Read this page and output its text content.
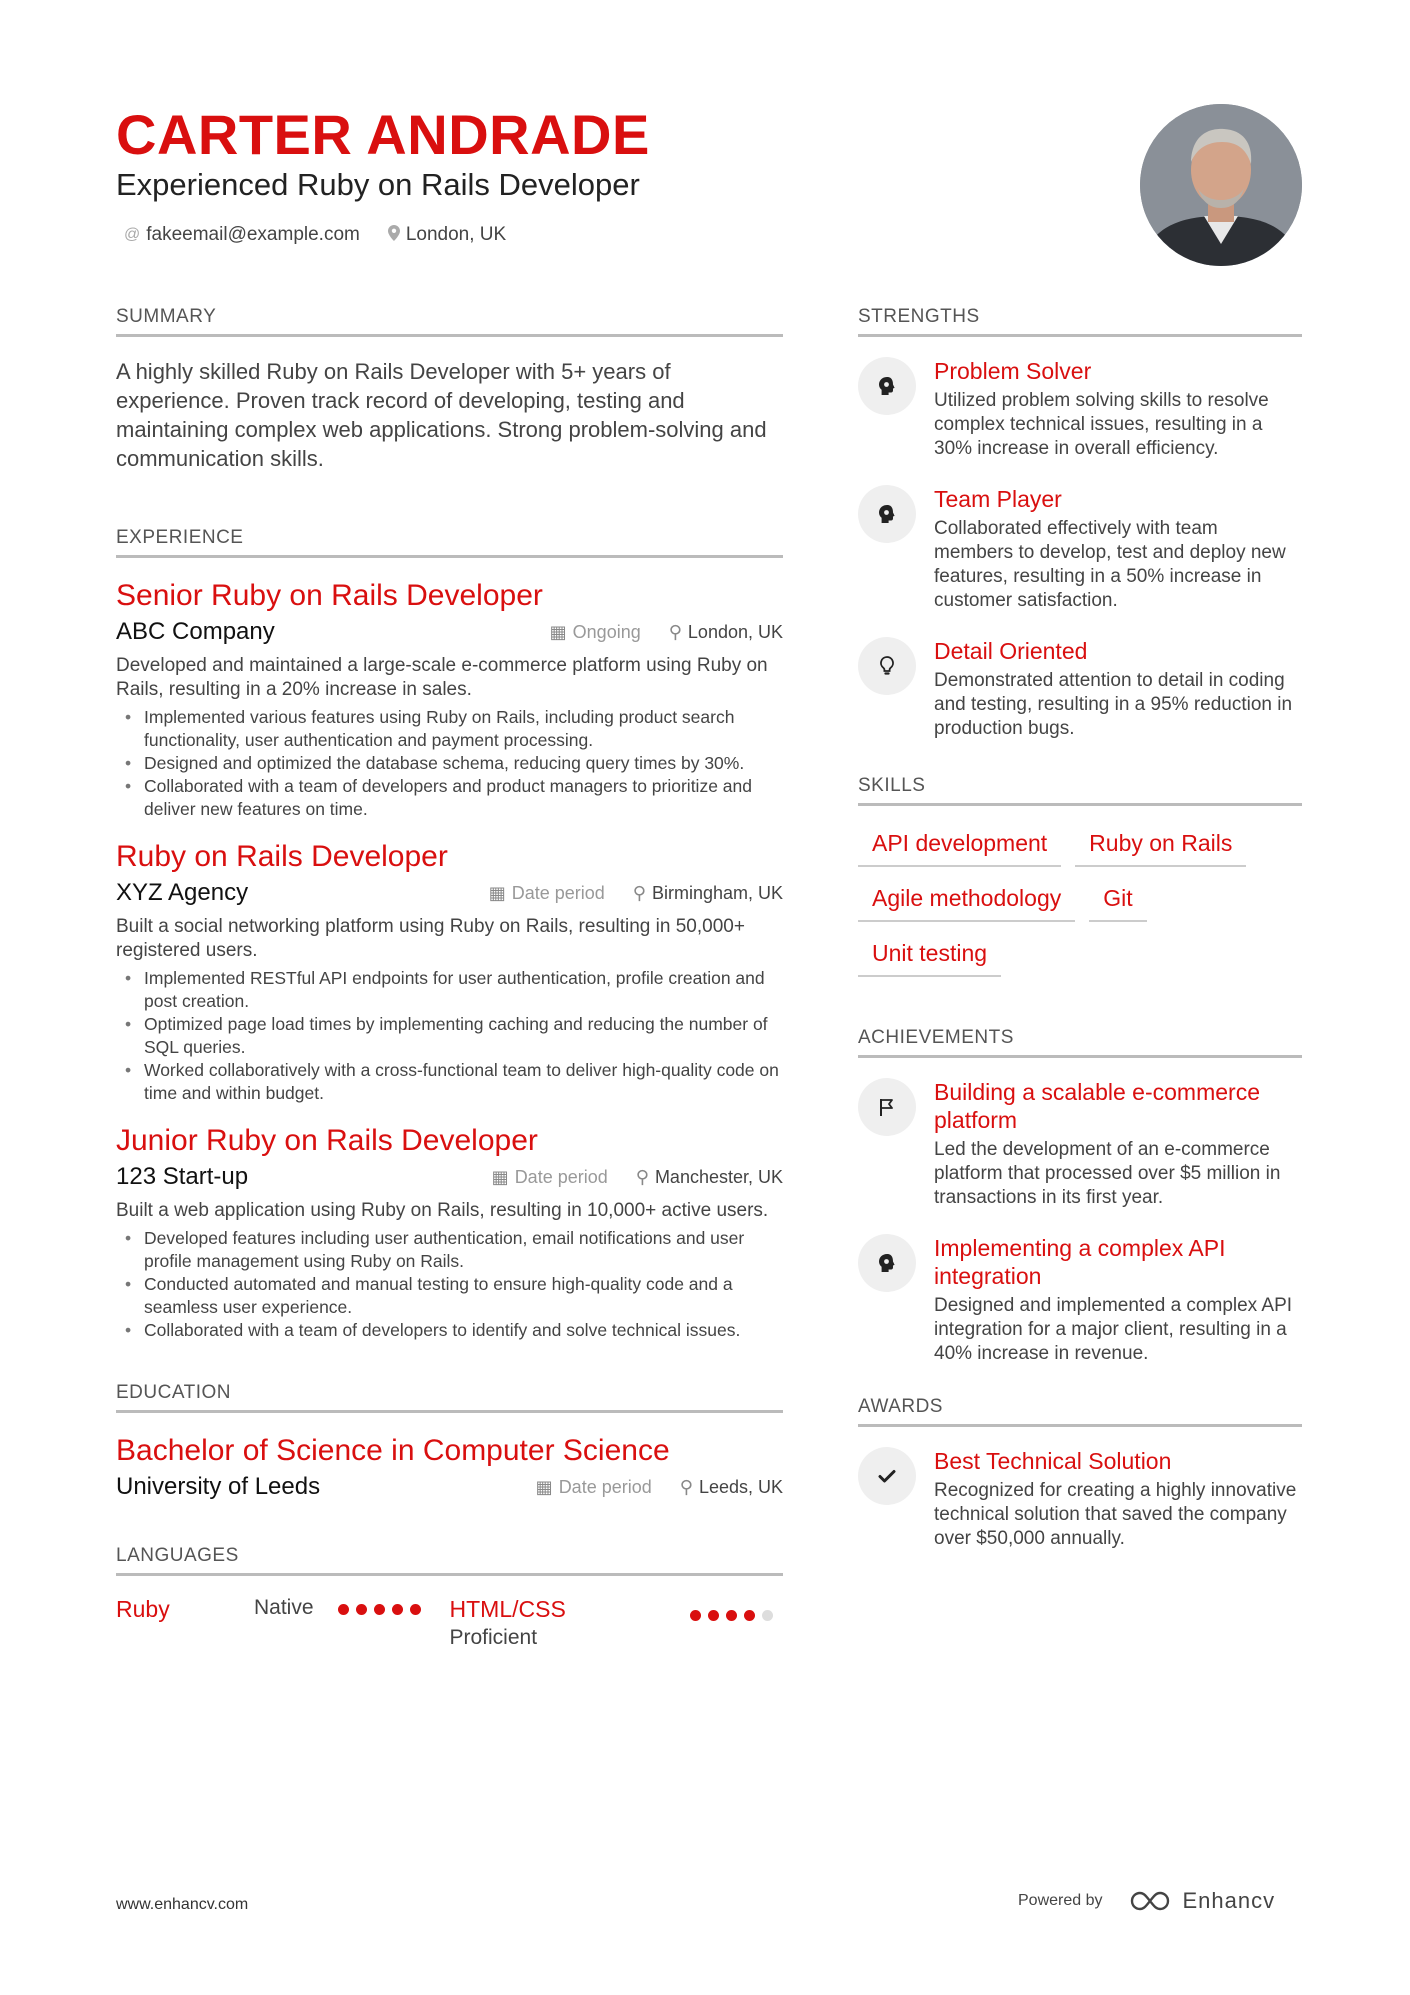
CARTER ANDRADE
Experienced Ruby on Rails Developer
@ fakeemail@example.com London, UK
SUMMARY
A highly skilled Ruby on Rails Developer with 5+ years of experience. Proven track record of developing, testing and maintaining complex web applications. Strong problem-solving and communication skills.
EXPERIENCE
Senior Ruby on Rails Developer
ABC Company	▦ Ongoing ⚲ London, UK
Developed and maintained a large-scale e-commerce platform using Ruby on Rails, resulting in a 20% increase in sales.
• Implemented various features using Ruby on Rails, including product search functionality, user authentication and payment processing.
• Designed and optimized the database schema, reducing query times by 30%.
• Collaborated with a team of developers and product managers to prioritize and deliver new features on time.
Ruby on Rails Developer
XYZ Agency	▦ Date period ⚲ Birmingham, UK
Built a social networking platform using Ruby on Rails, resulting in 50,000+ registered users.
• Implemented RESTful API endpoints for user authentication, profile creation and post creation.
• Optimized page load times by implementing caching and reducing the number of SQL queries.
• Worked collaboratively with a cross-functional team to deliver high-quality code on time and within budget.
Junior Ruby on Rails Developer
123 Start-up	▦ Date period ⚲ Manchester, UK
Built a web application using Ruby on Rails, resulting in 10,000+ active users.
• Developed features including user authentication, email notifications and user profile management using Ruby on Rails.
• Conducted automated and manual testing to ensure high-quality code and a seamless user experience.
• Collaborated with a team of developers to identify and solve technical issues.
EDUCATION
Bachelor of Science in Computer Science
University of Leeds	▦ Date period ⚲ Leeds, UK
LANGUAGES
Ruby	Native	HTML/CSS
Proficient
STRENGTHS
Problem Solver
Utilized problem solving skills to resolve complex technical issues, resulting in a 30% increase in overall efficiency.
Team Player
Collaborated effectively with team members to develop, test and deploy new features, resulting in a 50% increase in customer satisfaction.
Detail Oriented
Demonstrated attention to detail in coding and testing, resulting in a 95% reduction in production bugs.
SKILLS
API development	Ruby on Rails
Agile methodology	Git
Unit testing
ACHIEVEMENTS
Building a scalable e-commerce platform
Led the development of an e-commerce platform that processed over $5 million in transactions in its first year.
Implementing a complex API integration
Designed and implemented a complex API integration for a major client, resulting in a 40% increase in revenue.
AWARDS
Best Technical Solution
Recognized for creating a highly innovative technical solution that saved the company over $50,000 annually.
www.enhancv.com	Powered by	Enhancv
